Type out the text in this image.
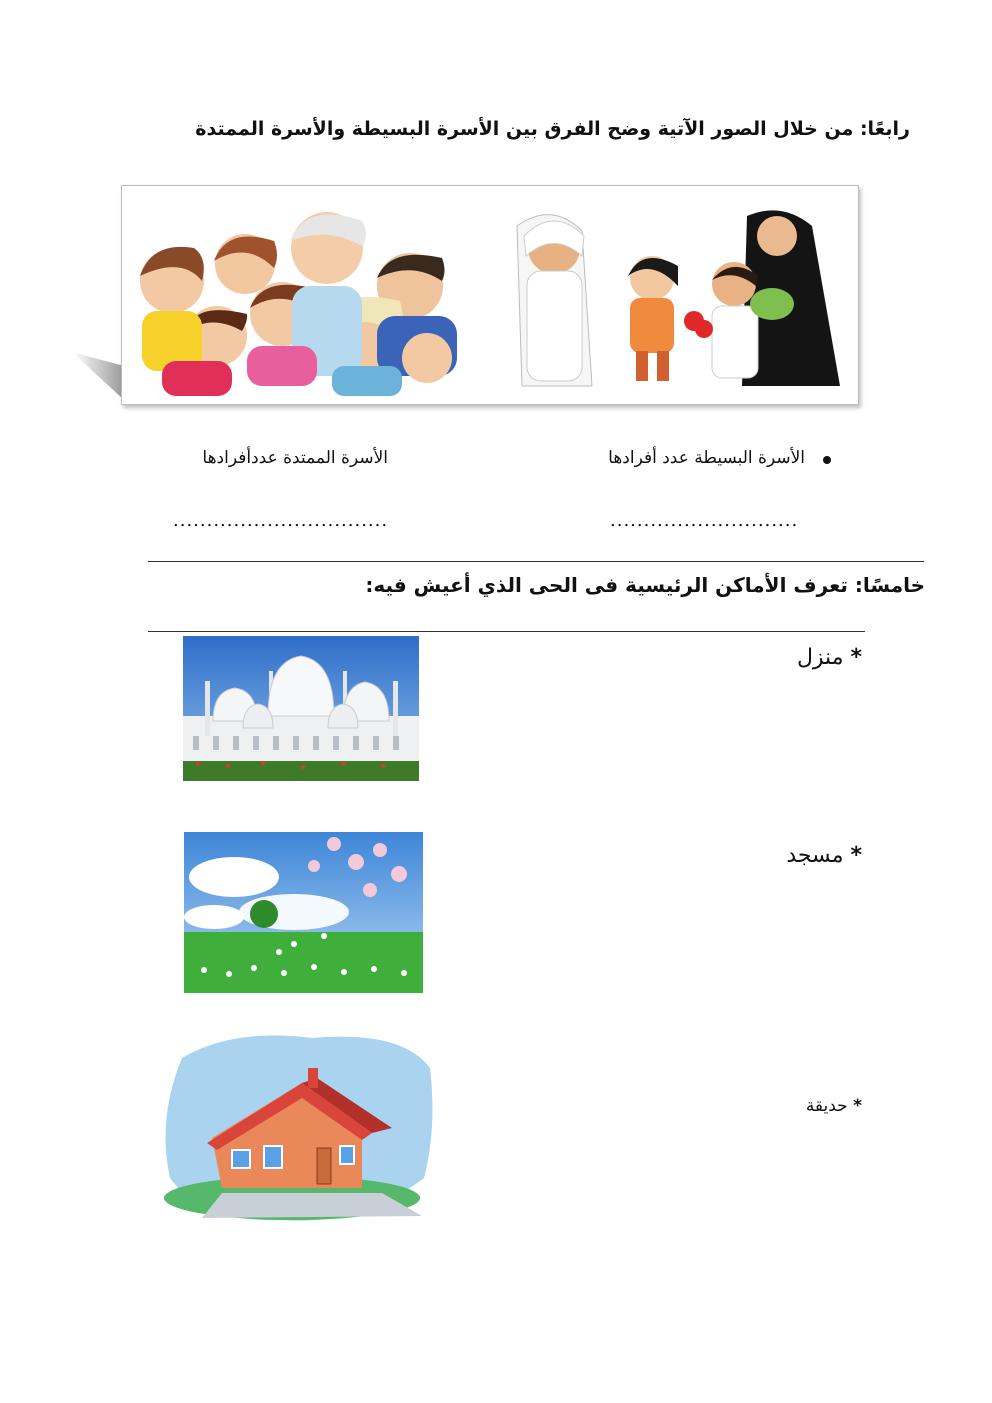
رابعًا: من خلال الصور الآتية وضح الفرق بين الأسرة البسيطة والأسرة الممتدة
الأسرة البسيطة عدد أفرادها
الأسرة الممتدة عددأفرادها
............................
................................
خامسًا: تعرف الأماكن الرئيسية فى الحى الذي أعيش فيه:
* منزل
* مسجد
* حديقة
